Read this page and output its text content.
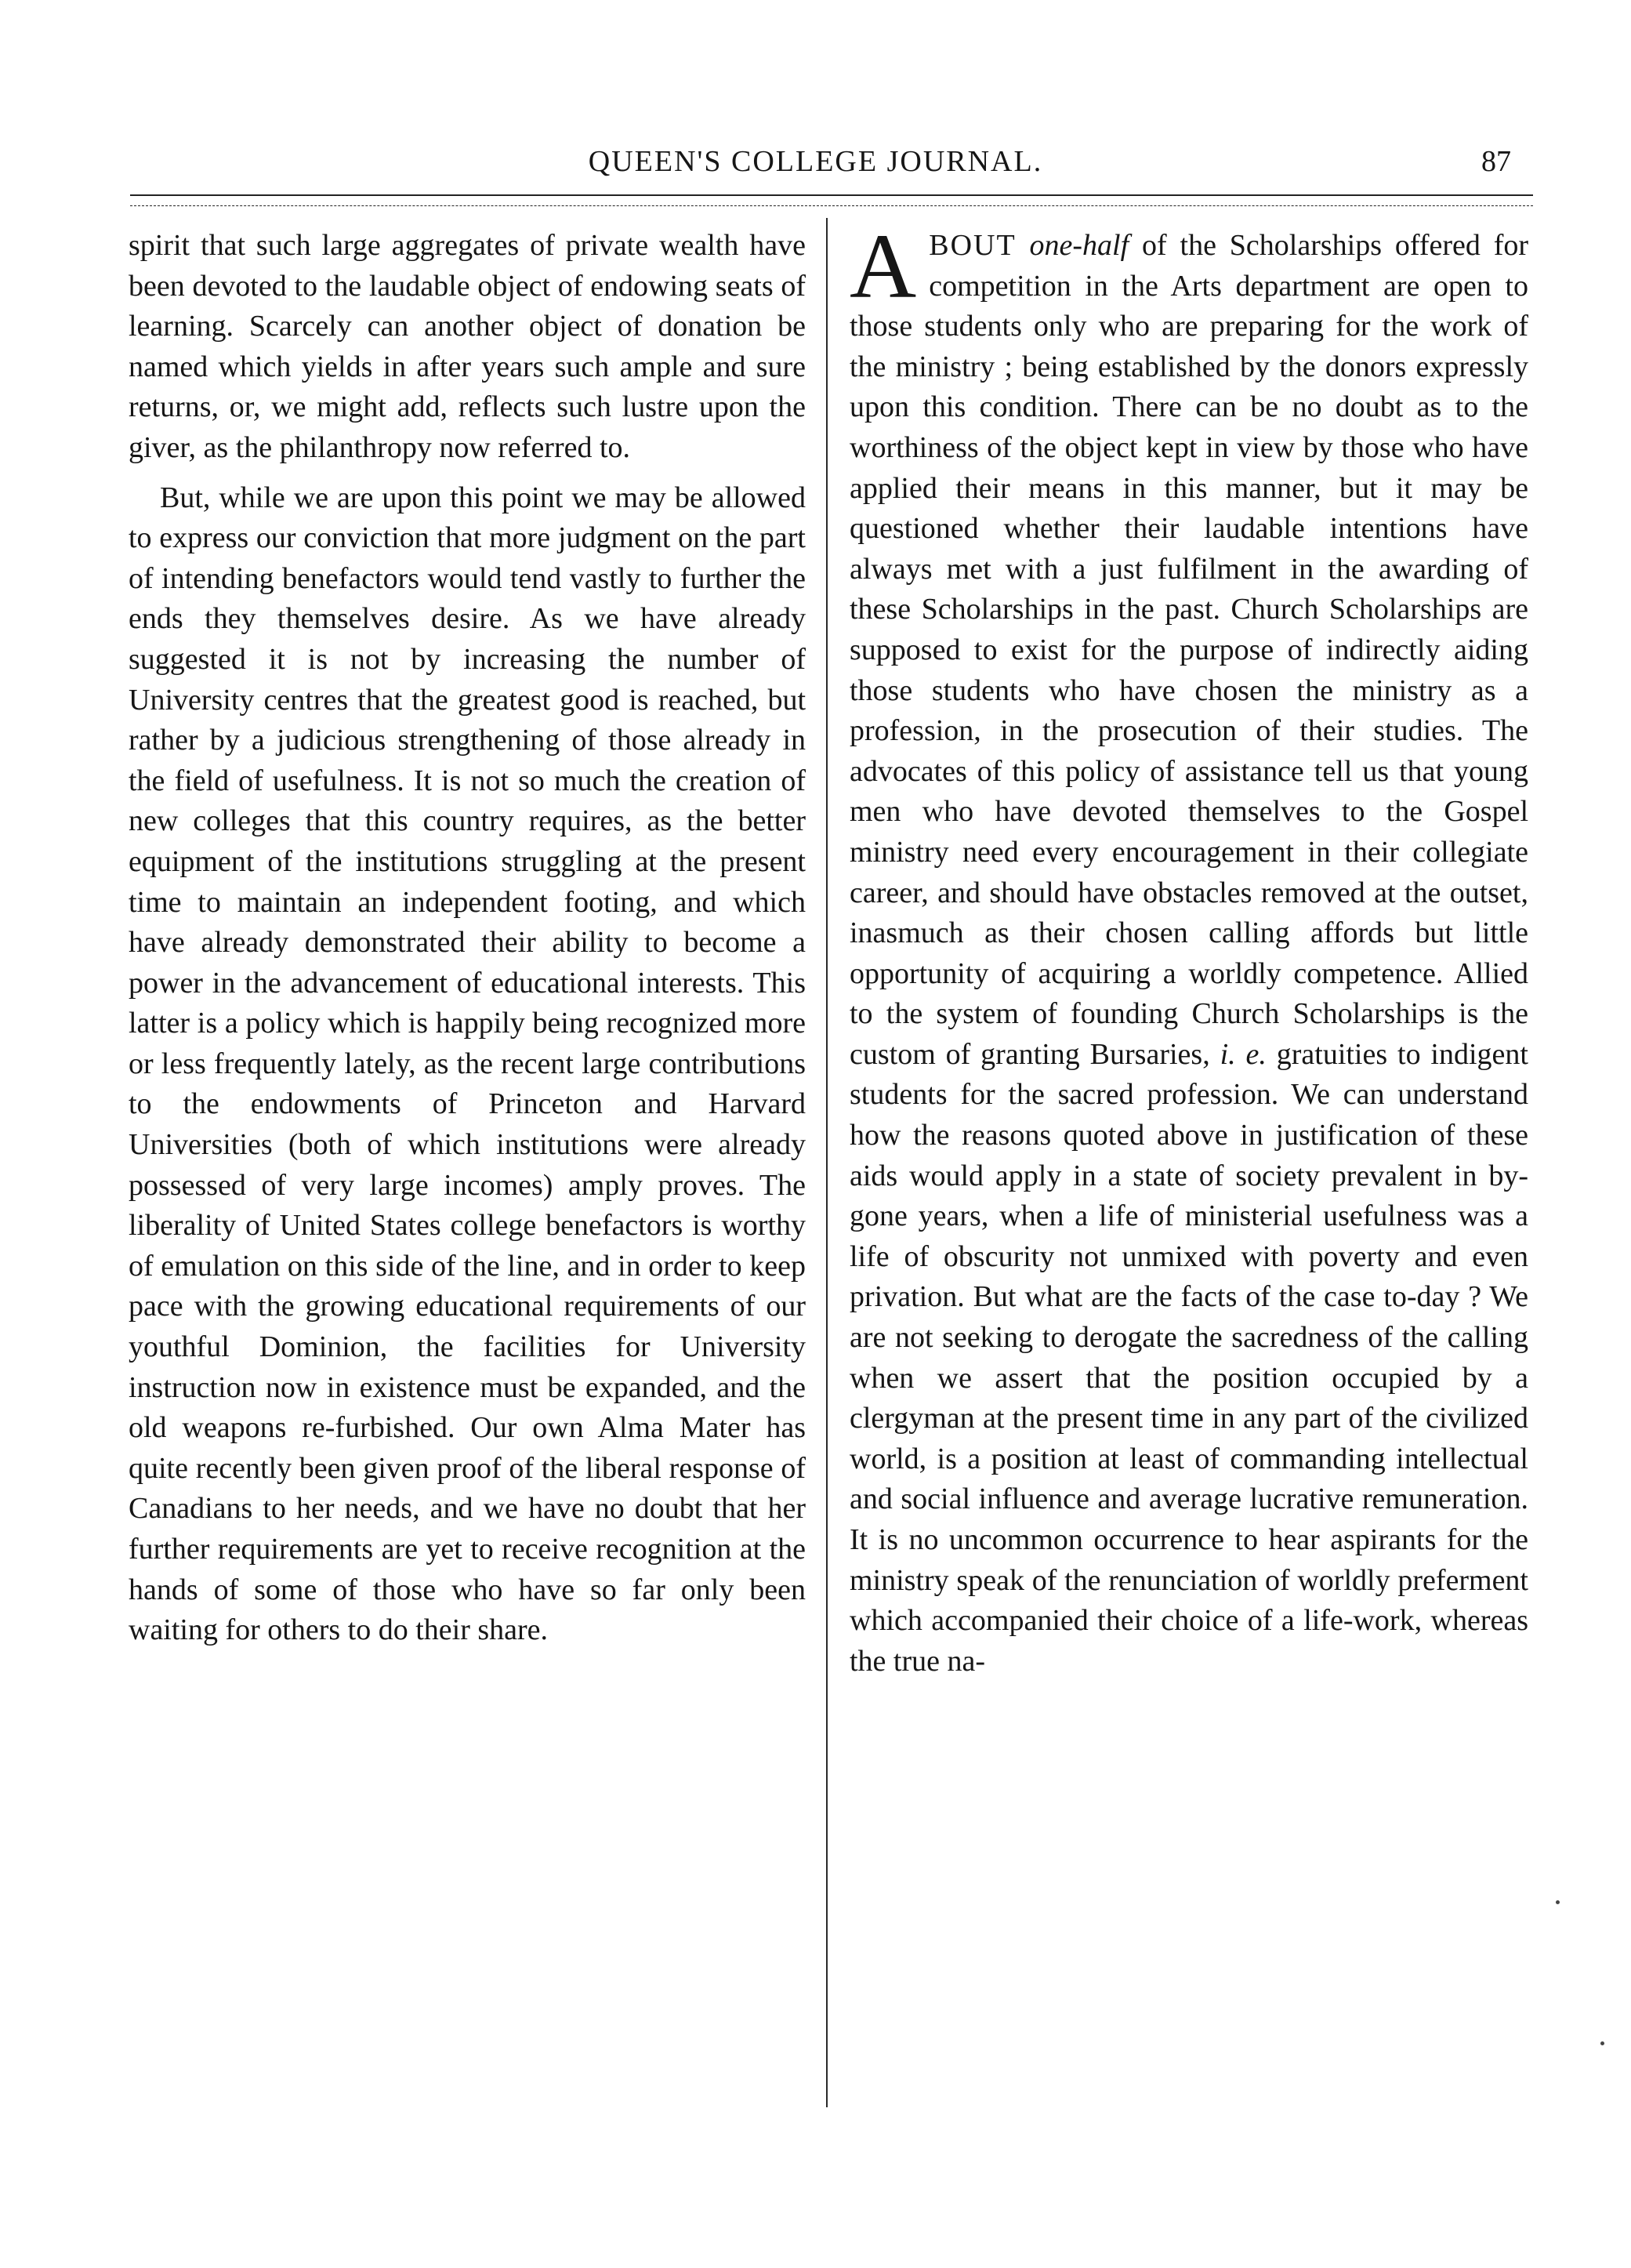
QUEEN'S COLLEGE JOURNAL.	87

spirit that such large aggregates of private wealth have been devoted to the laudable object of endowing seats of learning. Scarcely can another object of donation be named which yields in after years such ample and sure returns, or, we might add, reflects such lustre upon the giver, as the philanthropy now referred to.

But, while we are upon this point we may be allowed to express our conviction that more judgment on the part of intending benefactors would tend vastly to further the ends they themselves desire. As we have already suggested it is not by increasing the number of University centres that the greatest good is reached, but rather by a judicious strengthening of those already in the field of usefulness. It is not so much the creation of new colleges that this country requires, as the better equipment of the institutions struggling at the present time to maintain an independent footing, and which have already demonstrated their ability to become a power in the advancement of educational interests. This latter is a policy which is happily being recognized more or less frequently lately, as the recent large contributions to the endowments of Princeton and Harvard Universities (both of which institutions were already possessed of very large incomes) amply proves. The liberality of United States college benefactors is worthy of emulation on this side of the line, and in order to keep pace with the growing educational requirements of our youthful Dominion, the facilities for University instruction now in existence must be expanded, and the old weapons re-furbished. Our own Alma Mater has quite recently been given proof of the liberal response of Canadians to her needs, and we have no doubt that her further requirements are yet to receive recognition at the hands of some of those who have so far only been waiting for others to do their share.

ABOUT one-half of the Scholarships offered for competition in the Arts department are open to those students only who are preparing for the work of the ministry ; being established by the donors expressly upon this condition. There can be no doubt as to the worthiness of the object kept in view by those who have applied their means in this manner, but it may be questioned whether their laudable intentions have always met with a just fulfilment in the awarding of these Scholarships in the past. Church Scholarships are supposed to exist for the purpose of indirectly aiding those students who have chosen the ministry as a profession, in the prosecution of their studies. The advocates of this policy of assistance tell us that young men who have devoted themselves to the Gospel ministry need every encouragement in their collegiate career, and should have obstacles removed at the outset, inasmuch as their chosen calling affords but little opportunity of acquiring a worldly competence. Allied to the system of founding Church Scholarships is the custom of granting Bursaries, i. e. gratuities to indigent students for the sacred profession. We can understand how the reasons quoted above in justification of these aids would apply in a state of society prevalent in by-gone years, when a life of ministerial usefulness was a life of obscurity not unmixed with poverty and even privation. But what are the facts of the case to-day ? We are not seeking to derogate the sacredness of the calling when we assert that the position occupied by a clergyman at the present time in any part of the civilized world, is a position at least of commanding intellectual and social influence and average lucrative remuneration. It is no uncommon occurrence to hear aspirants for the ministry speak of the renunciation of worldly preferment which accompanied their choice of a life-work, whereas the true na-
